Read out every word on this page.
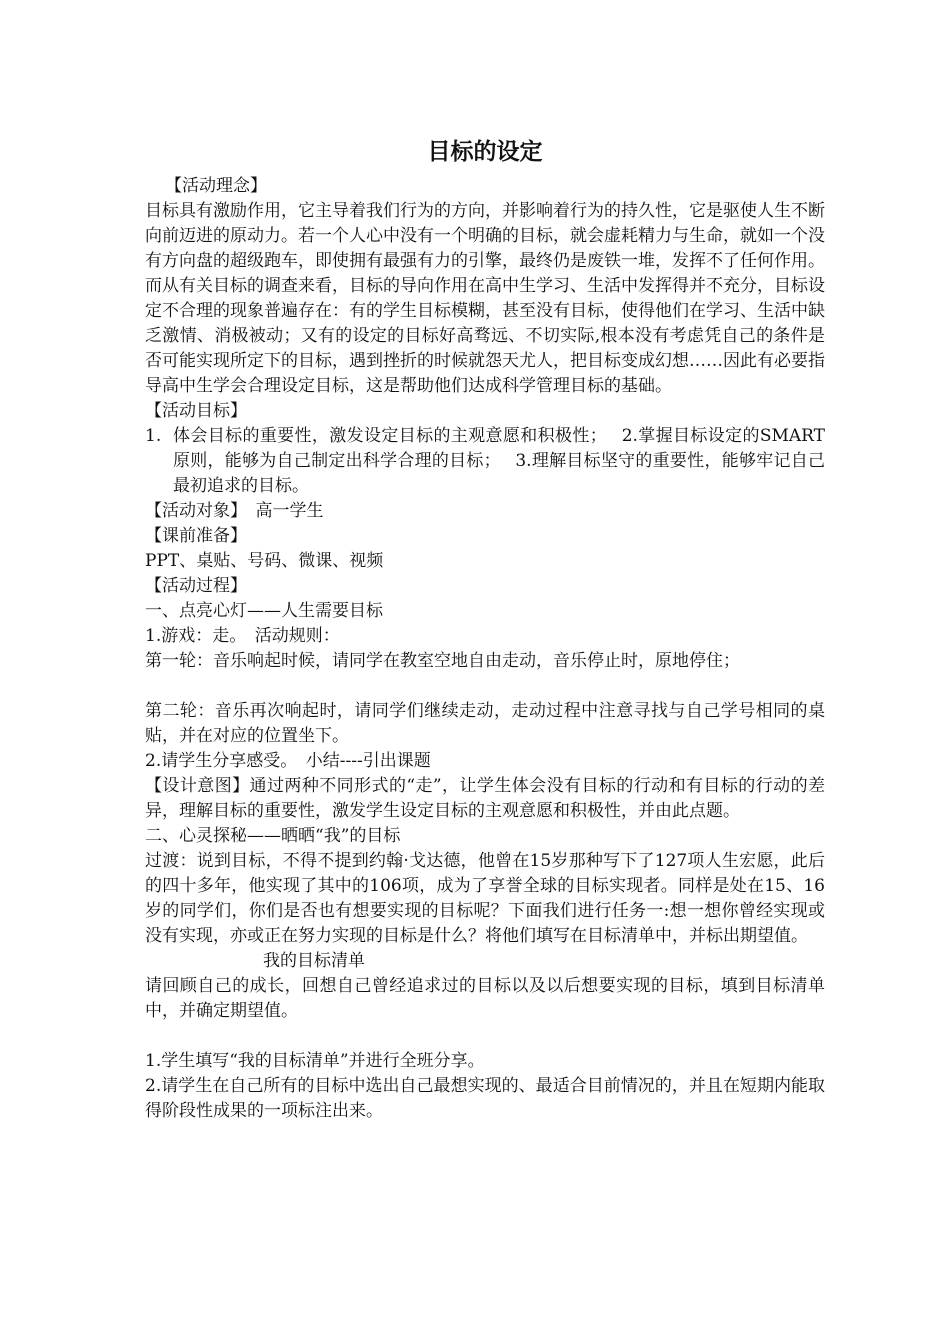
目标的设定

【活动理念】

目标具有激励作用，它主导着我们行为的方向，并影响着行为的持久性，它是驱使人生不断向前迈进的原动力。若一个人心中没有一个明确的目标，就会虚耗精力与生命，就如一个没有方向盘的超级跑车，即使拥有最强有力的引擎，最终仍是废铁一堆，发挥不了任何作用。而从有关目标的调查来看，目标的导向作用在高中生学习、生活中发挥得并不充分，目标设定不合理的现象普遍存在：有的学生目标模糊，甚至没有目标，使得他们在学习、生活中缺乏激情、消极被动；又有的设定的目标好高骛远、不切实际,根本没有考虑凭自己的条件是否可能实现所定下的目标，遇到挫折的时候就怨天尤人，把目标变成幻想……因此有必要指导高中生学会合理设定目标，这是帮助他们达成科学管理目标的基础。

【活动目标】

1. 体会目标的重要性，激发设定目标的主观意愿和积极性；　 2.掌握目标设定的SMART原则，能够为自己制定出科学合理的目标；　 3.理解目标坚守的重要性，能够牢记自己最初追求的目标。

【活动对象】　高一学生

【课前准备】

PPT、桌贴、号码、微课、视频

【活动过程】

一、点亮心灯——人生需要目标

1.游戏：走。　活动规则：

第一轮：音乐响起时候，请同学在教室空地自由走动，音乐停止时，原地停住；

第二轮：音乐再次响起时，请同学们继续走动，走动过程中注意寻找与自己学号相同的桌贴，并在对应的位置坐下。

2.请学生分享感受。　小结----引出课题

【设计意图】通过两种不同形式的“走”，让学生体会没有目标的行动和有目标的行动的差异，理解目标的重要性，激发学生设定目标的主观意愿和积极性，并由此点题。

二、心灵探秘——晒晒“我”的目标

过渡：说到目标，不得不提到约翰·戈达德，他曾在15岁那种写下了127项人生宏愿，此后的四十多年，他实现了其中的106项，成为了享誉全球的目标实现者。同样是处在15、16岁的同学们，你们是否也有想要实现的目标呢？下面我们进行任务一:想一想你曾经实现或没有实现，亦或正在努力实现的目标是什么？将他们填写在目标清单中，并标出期望值。

我的目标清单

请回顾自己的成长，回想自己曾经追求过的目标以及以后想要实现的目标，填到目标清单中，并确定期望值。

1.学生填写“我的目标清单”并进行全班分享。

2.请学生在自己所有的目标中选出自己最想实现的、最适合目前情况的，并且在短期内能取得阶段性成果的一项标注出来。
